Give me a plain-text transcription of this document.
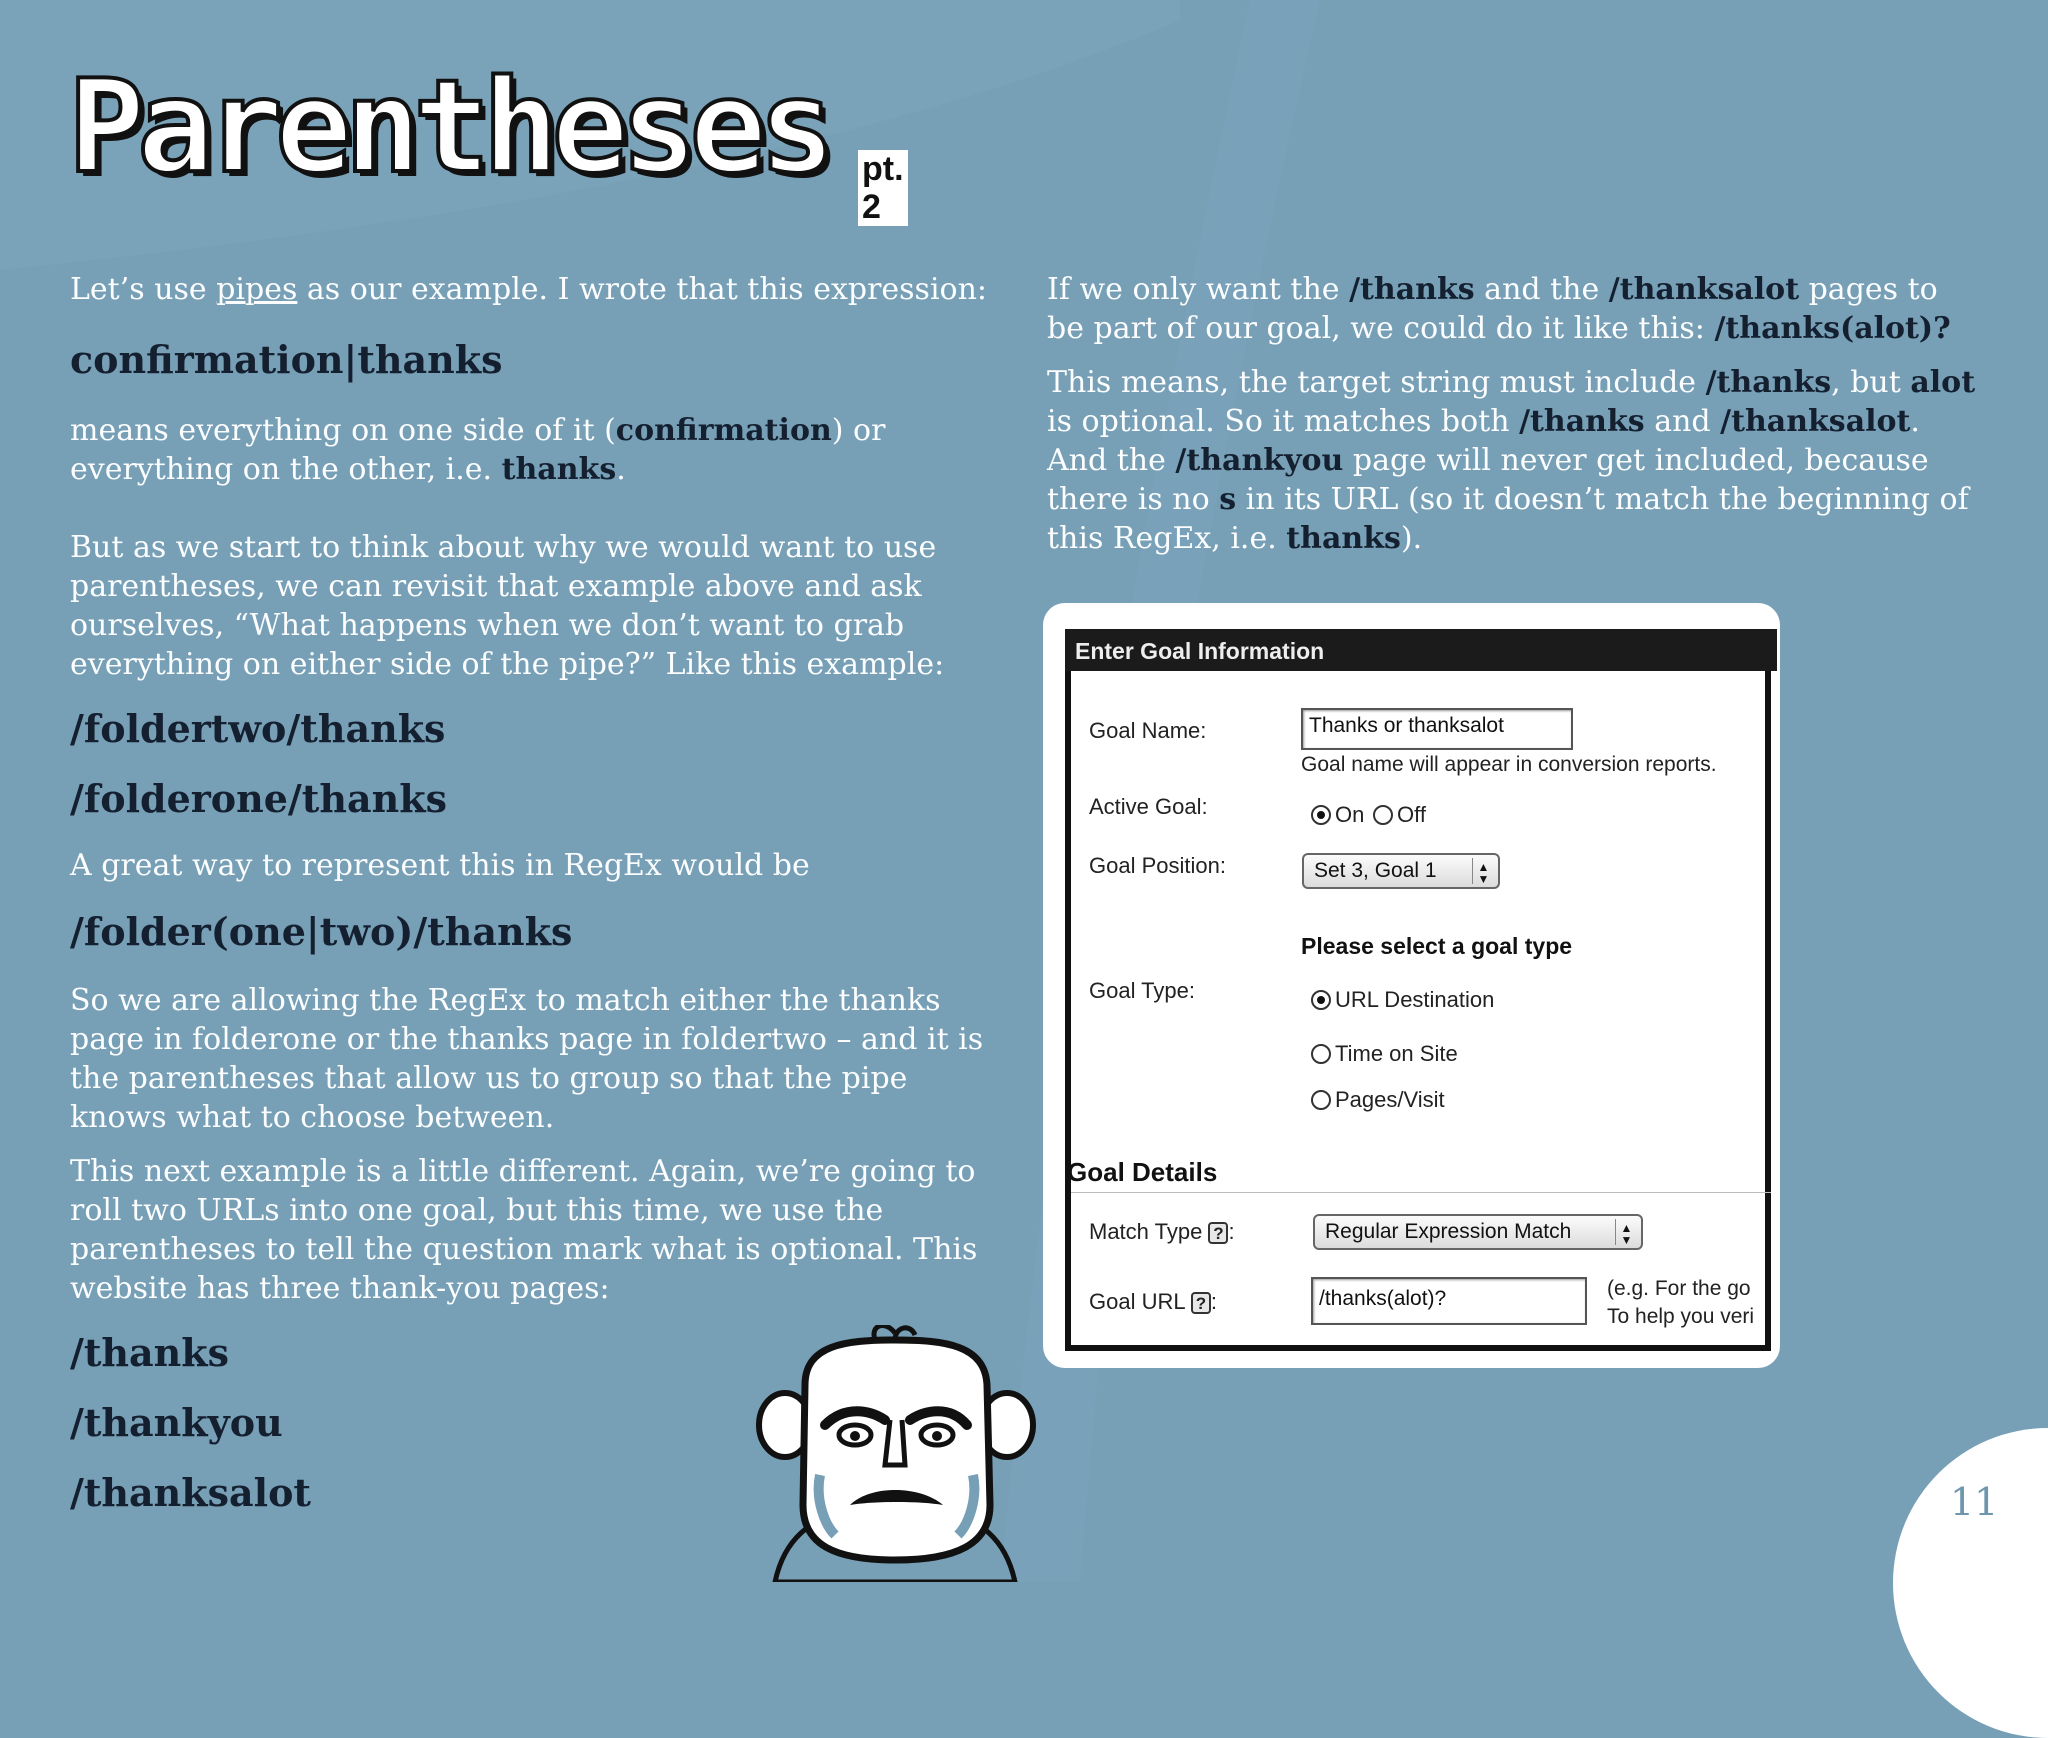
Parentheses pt. 2

Let’s use pipes as our example. I wrote that this expression:

confirmation|thanks

means everything on one side of it (confirmation) or everything on the other, i.e. thanks.

But as we start to think about why we would want to use parentheses, we can revisit that example above and ask ourselves, “What happens when we don’t want to grab everything on either side of the pipe?” Like this example:

/foldertwo/thanks
/folderone/thanks

A great way to represent this in RegEx would be

/folder(one|two)/thanks

So we are allowing the RegEx to match either the thanks page in folderone or the thanks page in foldertwo – and it is the parentheses that allow us to group so that the pipe knows what to choose between.

This next example is a little different. Again, we’re going to roll two URLs into one goal, but this time, we use the parentheses to tell the question mark what is optional. This website has three thank-you pages:

/thanks
/thankyou
/thanksalot

If we only want the /thanks and the /thanksalot pages to be part of our goal, we could do it like this: /thanks(alot)?

This means, the target string must include /thanks, but alot is optional. So it matches both /thanks and /thanksalot. And the /thankyou page will never get included, because there is no s in its URL (so it doesn’t match the beginning of this RegEx, i.e. thanks).

Enter Goal Information
Goal Name:	Thanks or thanksalot
Goal name will appear in conversion reports.
Active Goal:	On Off
Goal Position:	Set 3, Goal 1	▲
▼
Please select a goal type
Goal Type:	URL Destination
Time on Site
Pages/Visit
Goal Details
Match Type ? :	Regular Expression Match	▲
▼
Goal URL ? :	/thanks(alot)?	(e.g. For the go
To help you veri
11
